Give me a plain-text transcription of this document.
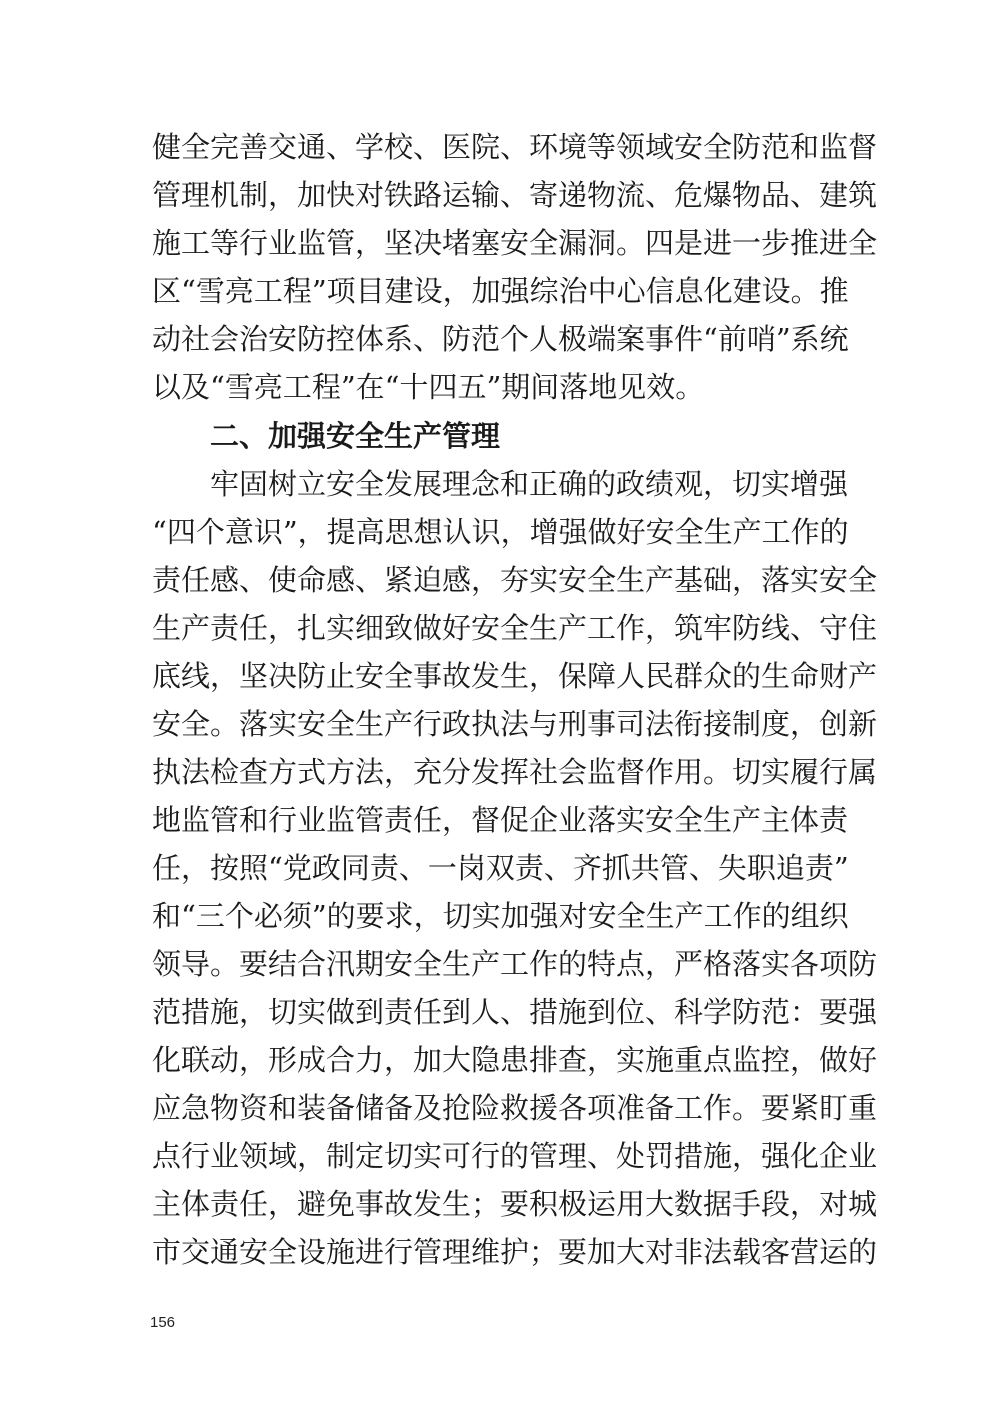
健全完善交通、学校、医院、环境等领域安全防范和监督
管理机制，加快对铁路运输、寄递物流、危爆物品、建筑
施工等行业监管，坚决堵塞安全漏洞。四是进一步推进全
区“雪亮工程”项目建设，加强综治中心信息化建设。推
动社会治安防控体系、防范个人极端案事件“前哨”系统
以及“雪亮工程”在“十四五”期间落地见效。
二、加强安全生产管理
牢固树立安全发展理念和正确的政绩观，切实增强
“四个意识”，提高思想认识，增强做好安全生产工作的
责任感、使命感、紧迫感，夯实安全生产基础，落实安全
生产责任，扎实细致做好安全生产工作，筑牢防线、守住
底线，坚决防止安全事故发生，保障人民群众的生命财产
安全。落实安全生产行政执法与刑事司法衔接制度，创新
执法检查方式方法，充分发挥社会监督作用。切实履行属
地监管和行业监管责任，督促企业落实安全生产主体责
任，按照“党政同责、一岗双责、齐抓共管、失职追责”
和“三个必须”的要求，切实加强对安全生产工作的组织
领导。要结合汛期安全生产工作的特点，严格落实各项防
范措施，切实做到责任到人、措施到位、科学防范：要强
化联动，形成合力，加大隐患排查，实施重点监控，做好
应急物资和装备储备及抢险救援各项准备工作。要紧盯重
点行业领域，制定切实可行的管理、处罚措施，强化企业
主体责任，避免事故发生；要积极运用大数据手段，对城
市交通安全设施进行管理维护；要加大对非法载客营运的
156
